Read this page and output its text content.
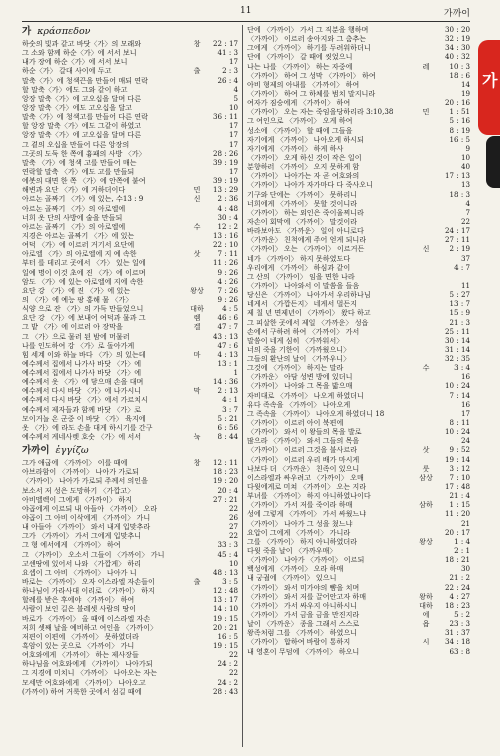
11	가까이
가 κράσπεδον
하숫의 빛과 같고 바닷〈가〉의 모래와	창	22 : 17
그 소와 함께 하순〈가〉에 서서 보니	41 : 3
내가 장에 하순〈가〉에 서서 보니	17
하순〈가〉 갈대 사이에 두고	출	2 : 3
말축〈가〉에 청색끈을 만들어 매되 연락	26 : 4
할 말축〈가〉에도 그와 같이 하고	4
앙장 말축〈가〉에 고오십을 달며 다른	5
앙장 말축〈가〉에도 고오십을 달고	10
말축〈가〉에 청색고를 만들어 다른 연락	36 : 11
할 앙장 말축〈가〉에도 그같이 하였고	17
앙장 말축〈가〉에 고오십을 달며 다른	17
그 곁의 오십을 만들어 다른 앙장의	17
그곳의 도둑 한 쪽에 흉패의 사방 〈가〉	28 : 26
말축 〈가〉에 청색 고를 만들어 매는	39 : 19
연락할 말축 〈가〉에도 고를 만들되	17
에봇의 대면 한 쪽 〈가〉에 안쪽에 붙여	39 : 19
해변과 요단 〈가〉에 거하더이다	민	13 : 29
아르논 골짜기 〈가〉에 있는, 수13 : 9	신	2 : 36
아르논 골짜기 〈가〉의 아로엘에	4 : 48
너희 옷 단의 사방에 술을 만들되	30 : 4
아르논 골짜기 〈가〉의 아로엘에	수	12 : 2
지경은 아르논 골짜기 〈가〉에 있는	13 : 16
여덕 〈가〉에 이르러 거기서 요단에	22 : 10
아로엘 〈가〉의 아로엘에 지 예 속한	삿	7 : 11
부터 를 데리고 곳에서 〈가〉 있는 일에	11 : 26
일예 명이 이것 초에 진 〈가〉에 이르며	9 : 26
암도 〈가〉에 있는 아로엘에 지에 속한	4 : 26
요단 강 〈가〉에 진 〈가〉에 있는	왕상	7 : 26
의 〈가〉에 예능 팡 홍해 물 〈가〉	9 : 26
식양 으로 잔 〈가〉의 가득 만들었으니	대하	4 : 5
요단 강 〈가〉에 보내어 여덕과 물과 그	렘	46 : 6
그 밭 〈가〉에 이르러 아 장막을	겔	47 : 7
그 〈가〉으로 물러 된 밤에 머물러	43 : 13
나를 인도하여 강 〈가〉로 돌아가게	47 : 6
힘 세계 이와 하늘 바다 〈가〉의 있는데	마	4 : 13
예수께서 집에서 나가사 바닷 〈가〉에	13 : 1
예수께서 집에서 나가사 바닷 〈가〉에	1
예수께서 옷 〈가〉에 닿으매 손을 대며	14 : 36
예수께서 다시 바닷 〈가〉에 나가시니	막	2 : 13
예수께서 다시 바닷 〈가〉에서 가르치시	4 : 1
예수께서 제자들과 함께 바닷 〈가〉로	3 : 7
모이거늘 온 군중 이 바닷 〈가〉 육지에	5 : 21
옷 〈가〉에 라도 손을 대게 하시기를 간구	6 : 56
예수께서 게네사렛 호숫 〈가〉에 서서	눅	8 : 44
가까이 ἐγγίζω
그가 애굽에 〈가까이〉 이를 때에	창	12 : 11
아브라함이 〈가까이〉 나아가 가로되	18 : 23
〈가까이〉 나아가 가로되 주께서 의인을	19 : 20
보소서 저 성은 도망하기 〈가깝고〉	20 : 4
아비멜렉이 그에게 〈가까이〉 하지	27 : 21
야곱에게 이르되 내 아들아 〈가까이〉 오라	22
야곱이 그 아비 이삭에게 〈가까이〉 가니	26
내 아들아 〈가까이〉 와서 내게 입맞추라	27
그가 〈가까이〉 가서 그에게 입맞추니	22
그 형 에서에게 〈가까이〉 하여	33 : 3
그 〈가까이〉 오소서 그들이 〈가까이〉 가니	45 : 4
고센땅에 있어서 나와 〈가깝게〉 하리	10
요셉이 그 아비 〈가까이〉 나아가 니	48 : 13
바로는 〈가까이〉 오자 이스라엘 자손들이	출	3 : 5
하나님이 가라사대 이리로 〈가까이〉 하지	12 : 48
할례를 받은 후에야 〈가까이〉 하여	13 : 17
사람이 보인 길은 블레셋 사람의 땅이	14 : 10
바로가 〈가까이〉 올 때에 이스라엘 자손	19 : 15
저희 셋째 날을 예비하고 여인을 〈가까이〉	20 : 21
저편이 이편에 〈가까이〉 못하였더라	16 : 5
흑암이 있는 곳으로 〈가까이〉 가니	19 : 15
여호와에게 〈가까이〉 하는 제사장들	22
하나님을 여호와에게 〈가까이〉 나아가되	24 : 2
그 지경에 미치니 〈가까이〉 나아오는 자는	22
모세만 여호와에게 〈가까이〉 나아오고	24 : 2
(가까이) 하여 거룩한 곳에서 섬길 때에	28 : 43
단에 〈가까이〉 가서 그 직분을 행하며	30 : 20
〈가까이〉 이르러 송아지와 그 춤추는	32 : 19
그에게 〈가까이〉 하기를 두려워하더니	34 : 30
단에 〈가까이〉 갈 때에 씻었으니	40 : 32
나는 나를 〈가까이〉 하는 자중에	레	10 : 3
〈가까이〉 하여 그 성막 〈가까이〉 하여	18 : 6
아비 형제의 아내를 〈가까이〉 하여	14
〈가까이〉 하여 그 하체를 범치 말지니라	19
여자가 짐승에게 〈가까이〉 하여	20 : 16
〈가까이〉 오는 자는 죽임을당하리라 3:10,38	민	1 : 51
그 여인으로 〈가까이〉 오게 하여	5 : 16
성소에 〈가까이〉 할 때에 그들을	8 : 19
자기에게 〈가까이〉 나아오게 하시되	16 : 5
자기에게 〈가까이〉 하게 하사	9
〈가까이〉 오게 하신 것이 작은 일이	10
분향하러 〈가까이〉 오지 못하게 함	40
〈가까이〉 나아가는 자 곧 여호와의	17 : 13
〈가까이〉 나아가 자가마다 다 죽사오니	13
기구와 단에는 〈가까이〉 못하리니	18 : 3
너희에게 〈가까이〉 못할 것이니라	4
〈가까이〉 하는 외인은 죽이울찌니라	7
자손이 회막에 〈가까이〉 말것이라	22
바라보아도 〈가까운〉 일이 아니로다	24 : 17
〈가까운〉 친척에게 주어 얻게 되니라	27 : 11
〈가까이〉 오는 〈가까이〉 이르거든	신	2 : 19
네가 〈가까이〉 하지 못하였도다	37
우리에게 〈가까이〉 하심과 같이	4 : 7
그 산의 〈가까이〉 임을 면한 나라
〈가까이〉 나아와서 이 말씀을 들음	11
당신은 〈가까이〉 나아가서 우리하나님	5 : 27
네게서 〈가깝든지〉 네게서 멀든지	13 : 7
제 칠 년 면제년이 〈가까이〉 왔다 하고	15 : 9
그 피살한 곳에서 제일 〈가까운〉 성읍	21 : 3
손에서 구하려 하여 〈가까이〉 가서	25 : 11
말씀이 네게 심히 〈가까워서〉	30 : 14
너의 죽을 기한이 〈가까웠으니〉	31 : 14
그들의 환난의 날이 〈가까우니〉	32 : 35
그것에 〈가까이〉 하지는 말라	수	3 : 4
〈가까운〉 아담 성변 방에 있더니	16
〈가까이〉 나아와 그 목을 밟으매	10 : 24
자비대로 〈가까이〉 나오게 하였더니	7 : 14
유다 족속을 〈가까이〉 나아오게	16
그 족속을 〈가까이〉 나아오게 하였더니 18	17
〈가까이〉 이르러 아이 북편에	8 : 11
〈가까이〉 와서 이 왕들의 목을 발로	10 : 24
많으라 〈가까이〉 와서 그들의 목을	24
〈가까이〉 이르러 그것을 불사르라	삿	9 : 52
〈가까이〉 이르러 우리 배가 마시게	19 : 14
나보다 더 〈가까운〉 친족이 있으니	룻	3 : 12
이스라엘과 싸우려고 〈가까이〉 오매	삼상	7 : 10
다윗에게로 미쳐 〈가까이〉 오는 지라	17 : 48
부녀를 〈가까이〉 하지 아니하였나이다	21 : 4
〈가까이〉 가서 저를 죽이라 하매	삼하	1 : 15
성에 그렇게 〈가까이〉 가서 싸웠느냐	11 : 20
〈가까이〉 나아가 그 성을 쳤느냐	21
요압이 그에게 〈가까이〉 가니라	20 : 17
그를 〈가까이〉 하지 아니하였더라	왕상	1 : 4
다윗 죽을 날이 〈가까우매〉	2 : 1
〈가까이〉 나아가 〈가까이〉 이르되	18 : 21
백성에게 〈가까이〉 오라 하매	30
내 궁궐에 〈가까이〉 있으니	21 : 2
〈가까이〉 와서 미가야의 뺨을 치며	22 : 24
〈가까이〉 와서 저를 끌어안고자 하매	왕하	4 : 27
〈가까이〉 가서 싸우지 아니하시니	대하	18 : 23
〈가까이〉 가서 금을 금을 만진지라	에	5 : 2
날이 〈가까운〉 종을 그래서 스스로	욥	23 : 3
왕족처럼 그를 〈가까이〉 하였으니	31 : 37
〈가까이〉 합하여 바람이 통하지	시	34 : 18
내 영혼이 무덤에 〈가까이〉 하오니	63 : 8
가
